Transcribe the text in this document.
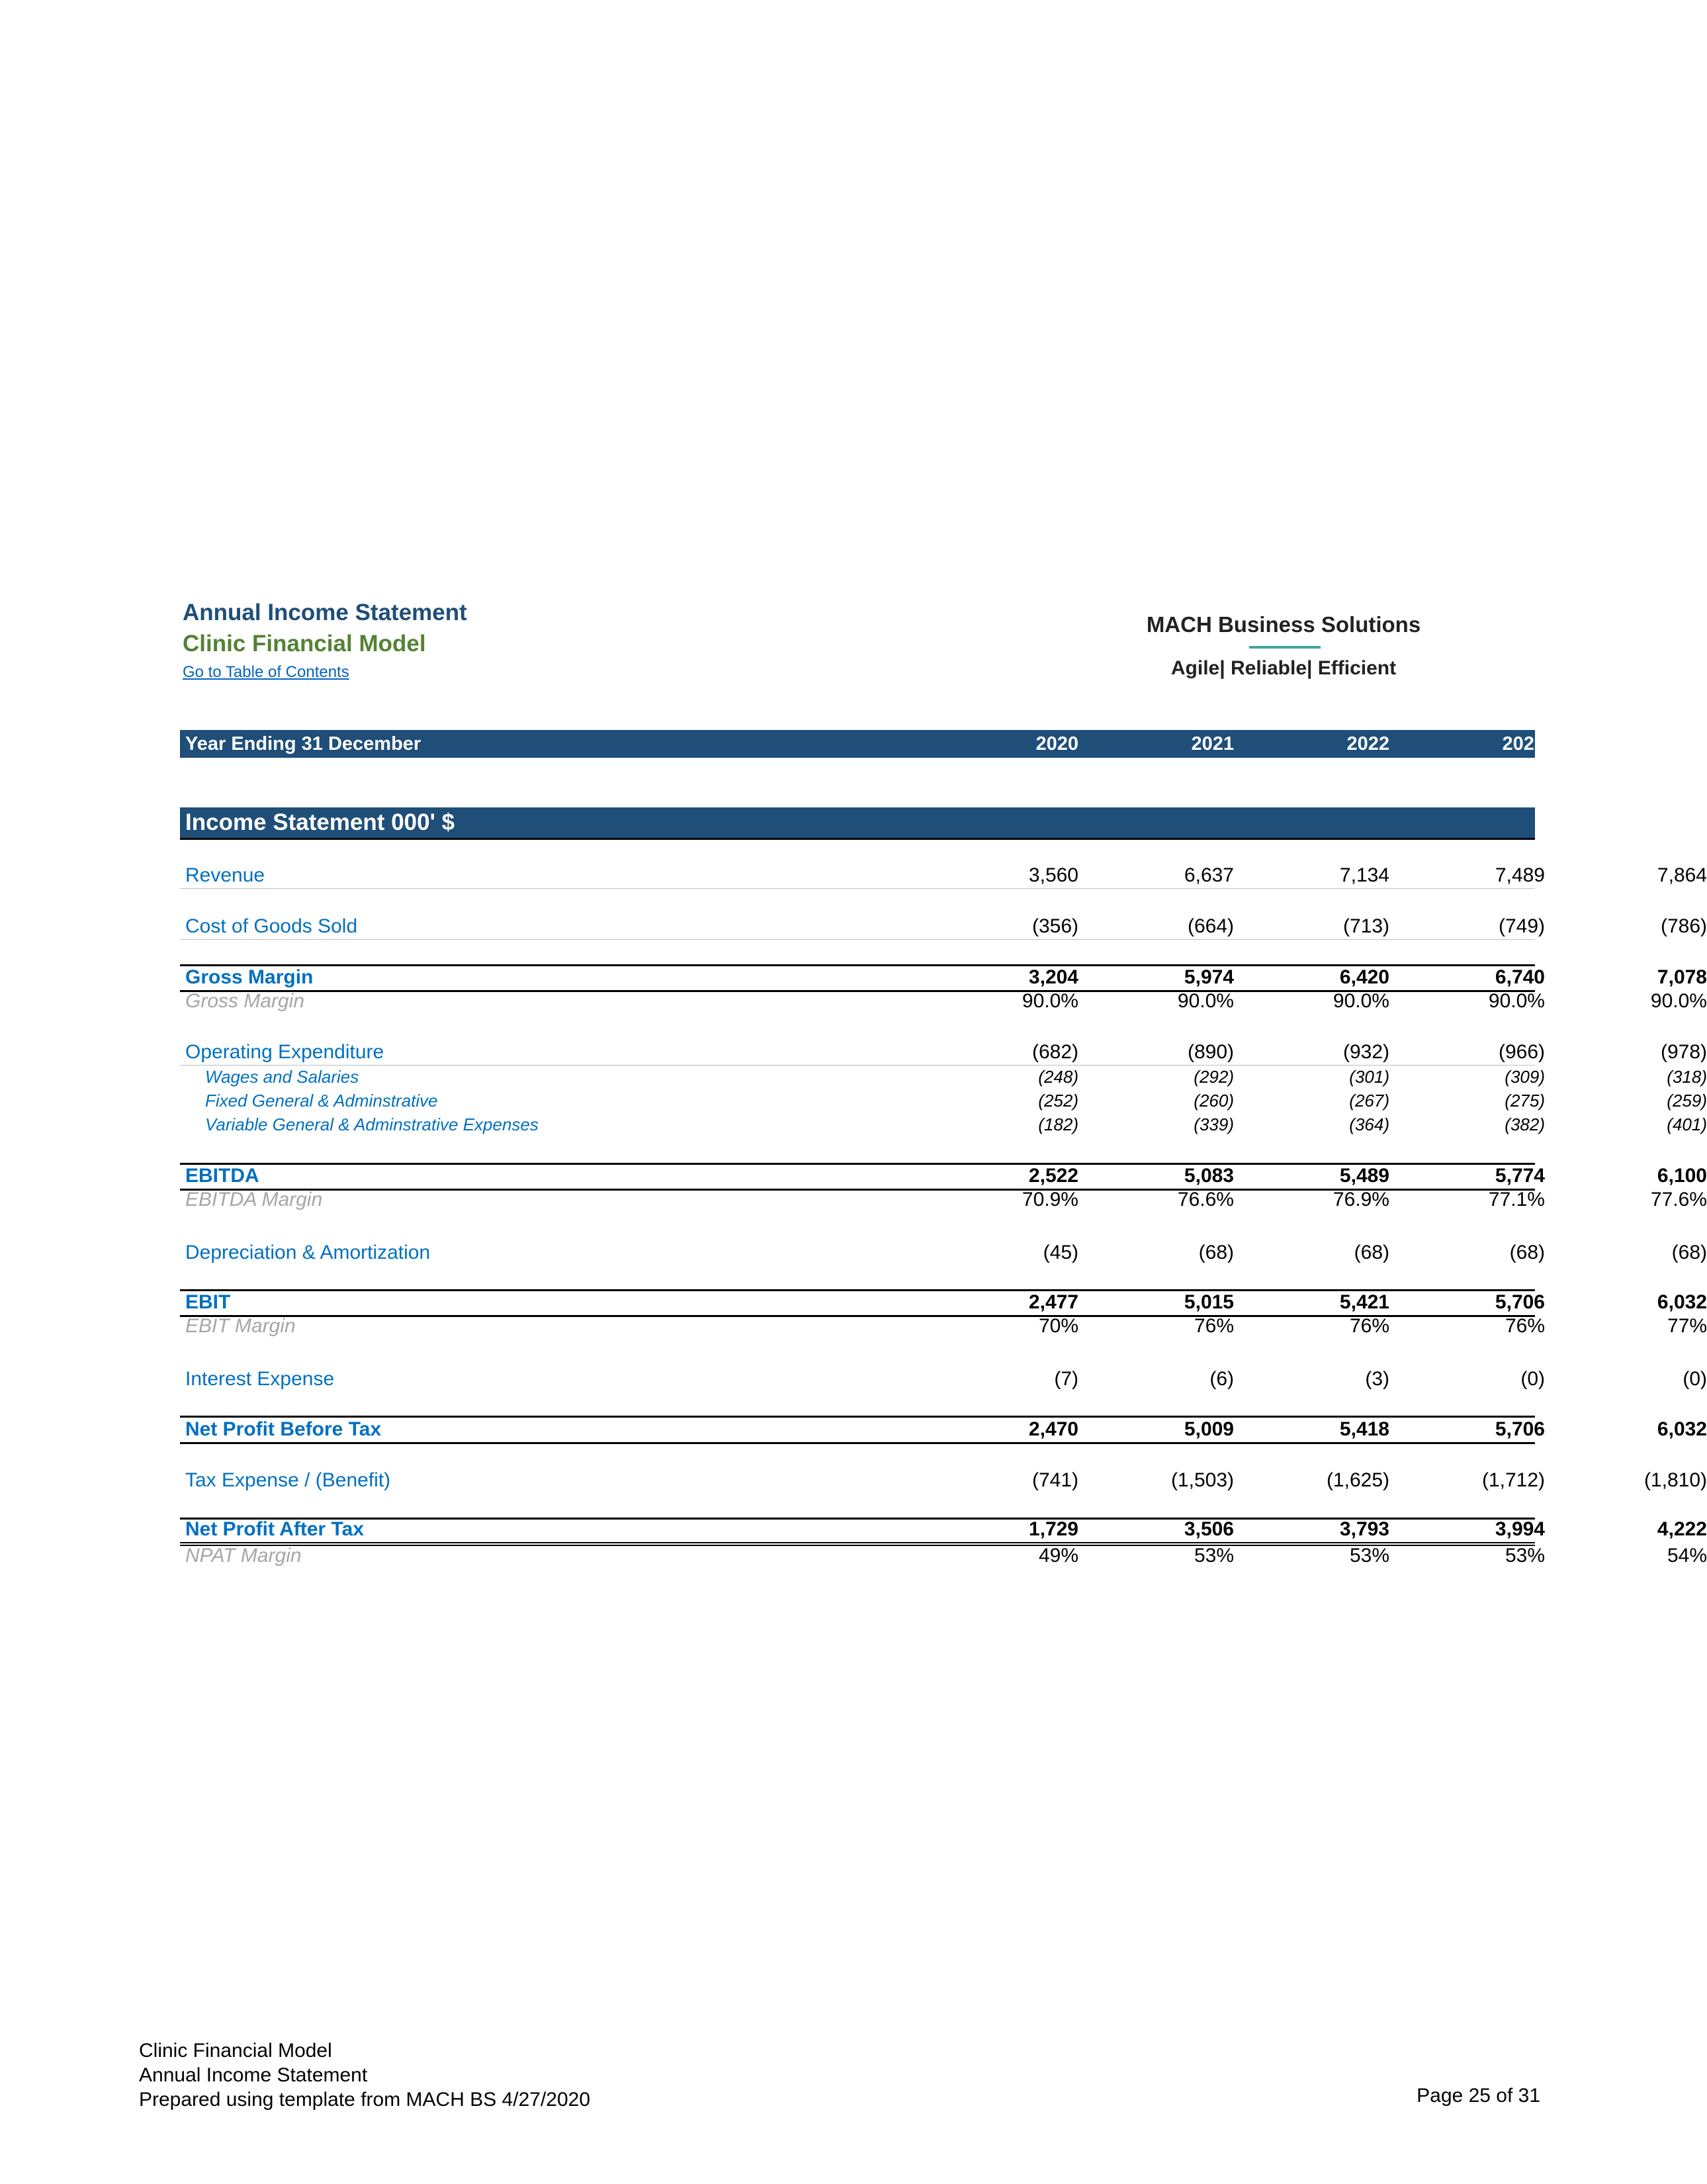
Annual Income Statement
Clinic Financial Model
Go to Table of Contents
MACH Business Solutions
Agile| Reliable| Efficient
Year Ending 31 December	2020	2021	2022	2023	2024
Income Statement 000' $
Revenue	3,560	6,637	7,134	7,489	7,864
Cost of Goods Sold	(356)	(664)	(713)	(749)	(786)
Gross Margin	3,204	5,974	6,420	6,740	7,078
Gross Margin	90.0%	90.0%	90.0%	90.0%	90.0%
Operating Expenditure	(682)	(890)	(932)	(966)	(978)
Wages and Salaries	(248)	(292)	(301)	(309)	(318)
Fixed General & Adminstrative	(252)	(260)	(267)	(275)	(259)
Variable General & Adminstrative Expenses	(182)	(339)	(364)	(382)	(401)
EBITDA	2,522	5,083	5,489	5,774	6,100
EBITDA Margin	70.9%	76.6%	76.9%	77.1%	77.6%
Depreciation & Amortization	(45)	(68)	(68)	(68)	(68)
EBIT	2,477	5,015	5,421	5,706	6,032
EBIT Margin	70%	76%	76%	76%	77%
Interest Expense	(7)	(6)	(3)	(0)	(0)
Net Profit Before Tax	2,470	5,009	5,418	5,706	6,032
Tax Expense / (Benefit)	(741)	(1,503)	(1,625)	(1,712)	(1,810)
Net Profit After Tax	1,729	3,506	3,793	3,994	4,222
NPAT Margin	49%	53%	53%	53%	54%
Clinic Financial Model
Annual Income Statement
Prepared using template from MACH BS 4/27/2020	Page 25 of 31
